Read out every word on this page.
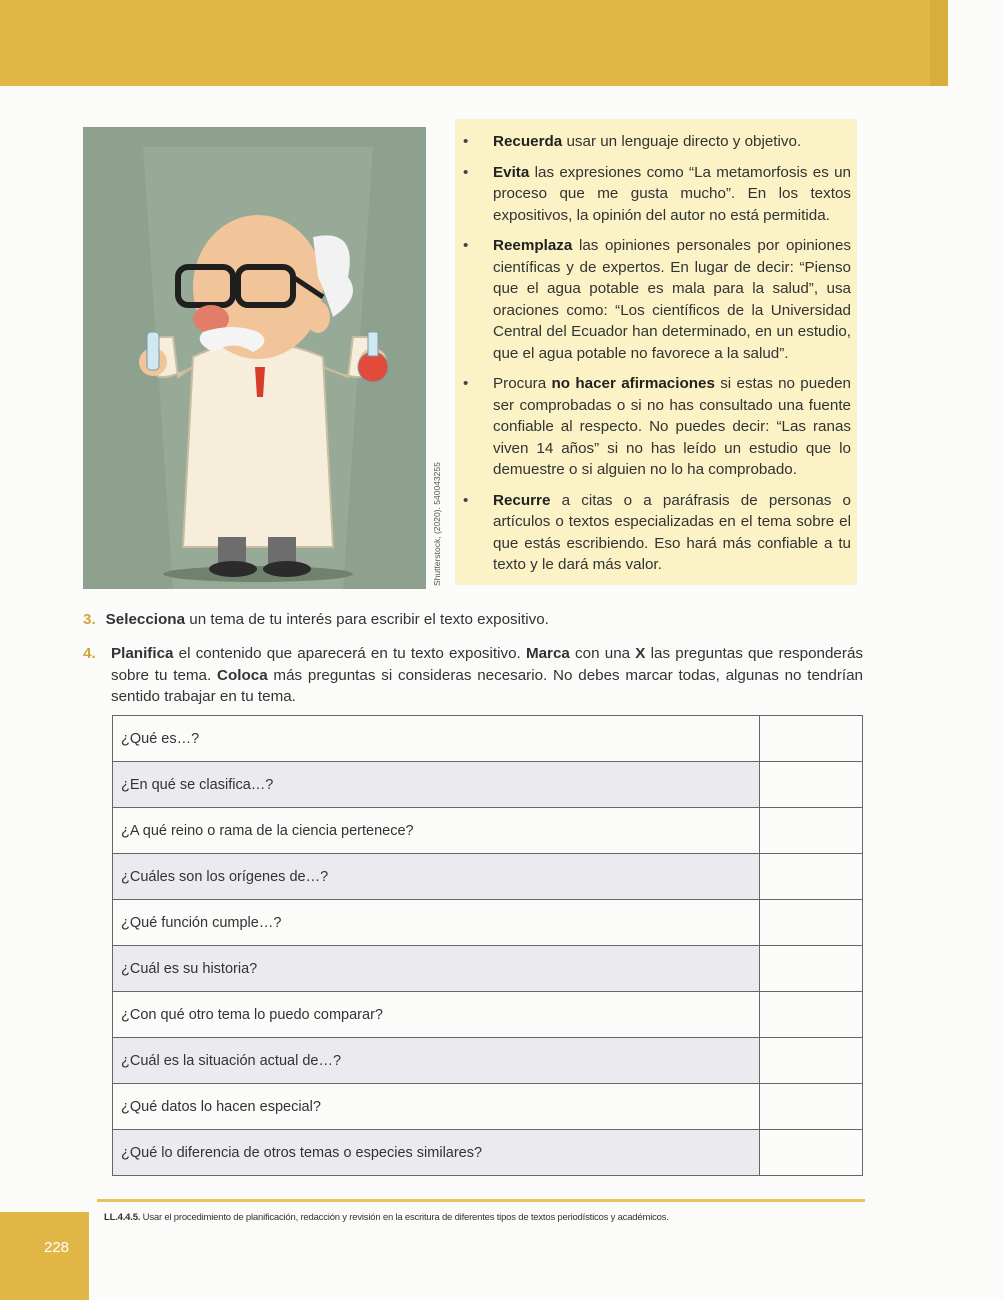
Shutterstock, (2020). 540043255
• Recuerda usar un lenguaje directo y objetivo.
• Evita las expresiones como “La metamorfosis es un proceso que me gusta mucho”. En los textos expositivos, la opinión del autor no está permitida.
• Reemplaza las opiniones personales por opiniones científicas y de expertos. En lugar de decir: “Pienso que el agua potable es mala para la salud”, usa oraciones como: “Los científicos de la Universidad Central del Ecuador han determinado, en un estudio, que el agua potable no favorece a la salud”.
• Procura no hacer afirmaciones si estas no pueden ser comprobadas o si no has consultado una fuente confiable al respecto. No puedes decir: “Las ranas viven 14 años” si no has leído un estudio que lo demuestre o si alguien no lo ha comprobado.
• Recurre a citas o a paráfrasis de personas o artículos o textos especializadas en el tema sobre el que estás escribiendo. Eso hará más confiable a tu texto y le dará más valor.
3. Selecciona un tema de tu interés para escribir el texto expositivo.
4.	Planifica el contenido que aparecerá en tu texto expositivo. Marca con una X las preguntas que responderás sobre tu tema. Coloca más preguntas si consideras necesario. No debes marcar todas, algunas no tendrían sentido trabajar en tu tema.
¿Qué es…?	
¿En qué se clasifica…?	
¿A qué reino o rama de la ciencia pertenece?	
¿Cuáles son los orígenes de…?	
¿Qué función cumple…?	
¿Cuál es su historia?	
¿Con qué otro tema lo puedo comparar?	
¿Cuál es la situación actual de…?	
¿Qué datos lo hacen especial?	
¿Qué lo diferencia de otros temas o especies similares?	
LL.4.4.5. Usar el procedimiento de planificación, redacción y revisión en la escritura de diferentes tipos de textos periodísticos y académicos.
228
